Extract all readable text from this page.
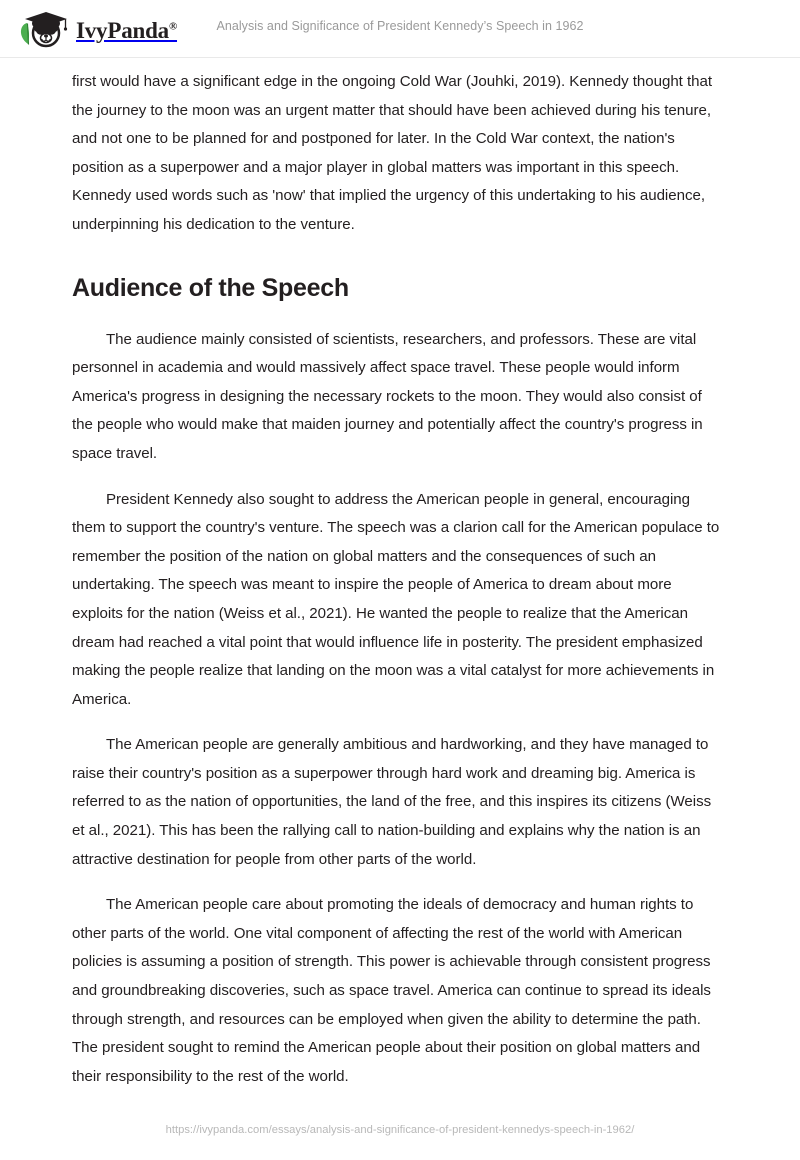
IvyPanda®	Analysis and Significance of President Kennedy’s Speech in 1962

first would have a significant edge in the ongoing Cold War (Jouhki, 2019). Kennedy thought that the journey to the moon was an urgent matter that should have been achieved during his tenure, and not one to be planned for and postponed for later. In the Cold War context, the nation's position as a superpower and a major player in global matters was important in this speech. Kennedy used words such as 'now' that implied the urgency of this undertaking to his audience, underpinning his dedication to the venture.

Audience of the Speech

The audience mainly consisted of scientists, researchers, and professors. These are vital personnel in academia and would massively affect space travel. These people would inform America's progress in designing the necessary rockets to the moon. They would also consist of the people who would make that maiden journey and potentially affect the country's progress in space travel.

President Kennedy also sought to address the American people in general, encouraging them to support the country's venture. The speech was a clarion call for the American populace to remember the position of the nation on global matters and the consequences of such an undertaking. The speech was meant to inspire the people of America to dream about more exploits for the nation (Weiss et al., 2021). He wanted the people to realize that the American dream had reached a vital point that would influence life in posterity. The president emphasized making the people realize that landing on the moon was a vital catalyst for more achievements in America.

The American people are generally ambitious and hardworking, and they have managed to raise their country's position as a superpower through hard work and dreaming big. America is referred to as the nation of opportunities, the land of the free, and this inspires its citizens (Weiss et al., 2021). This has been the rallying call to nation-building and explains why the nation is an attractive destination for people from other parts of the world.

The American people care about promoting the ideals of democracy and human rights to other parts of the world. One vital component of affecting the rest of the world with American policies is assuming a position of strength. This power is achievable through consistent progress and groundbreaking discoveries, such as space travel. America can continue to spread its ideals through strength, and resources can be employed when given the ability to determine the path. The president sought to remind the American people about their position on global matters and their responsibility to the rest of the world.

https://ivypanda.com/essays/analysis-and-significance-of-president-kennedys-speech-in-1962/
